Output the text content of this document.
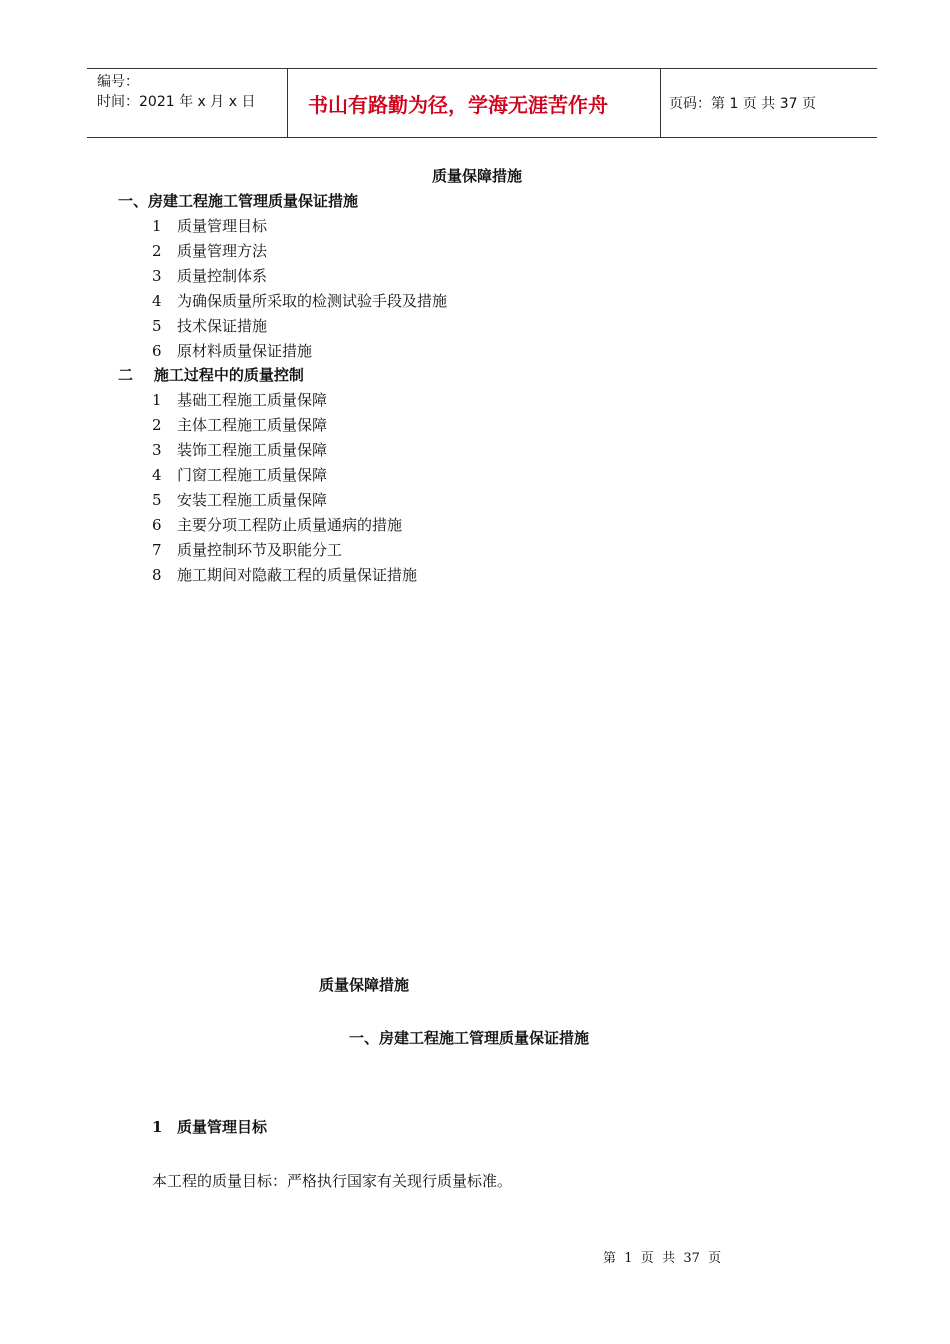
编号：
时间：2021 年 x 月 x 日	书山有路勤为径，学海无涯苦作舟	页码：第 1 页 共 37 页
质量保障措施
一、房建工程施工管理质量保证措施
1 质量管理目标
2 质量管理方法
3 质量控制体系
4 为确保质量所采取的检测试验手段及措施
5 技术保证措施
6 原材料质量保证措施
二    施工过程中的质量控制
1 基础工程施工质量保障
2 主体工程施工质量保障
3 装饰工程施工质量保障
4 门窗工程施工质量保障
5 安装工程施工质量保障
6 主要分项工程防止质量通病的措施
7 质量控制环节及职能分工
8 施工期间对隐蔽工程的质量保证措施
质量保障措施
一、房建工程施工管理质量保证措施
1 质量管理目标
本工程的质量目标：严格执行国家有关现行质量标准。
第  1  页  共  37  页
